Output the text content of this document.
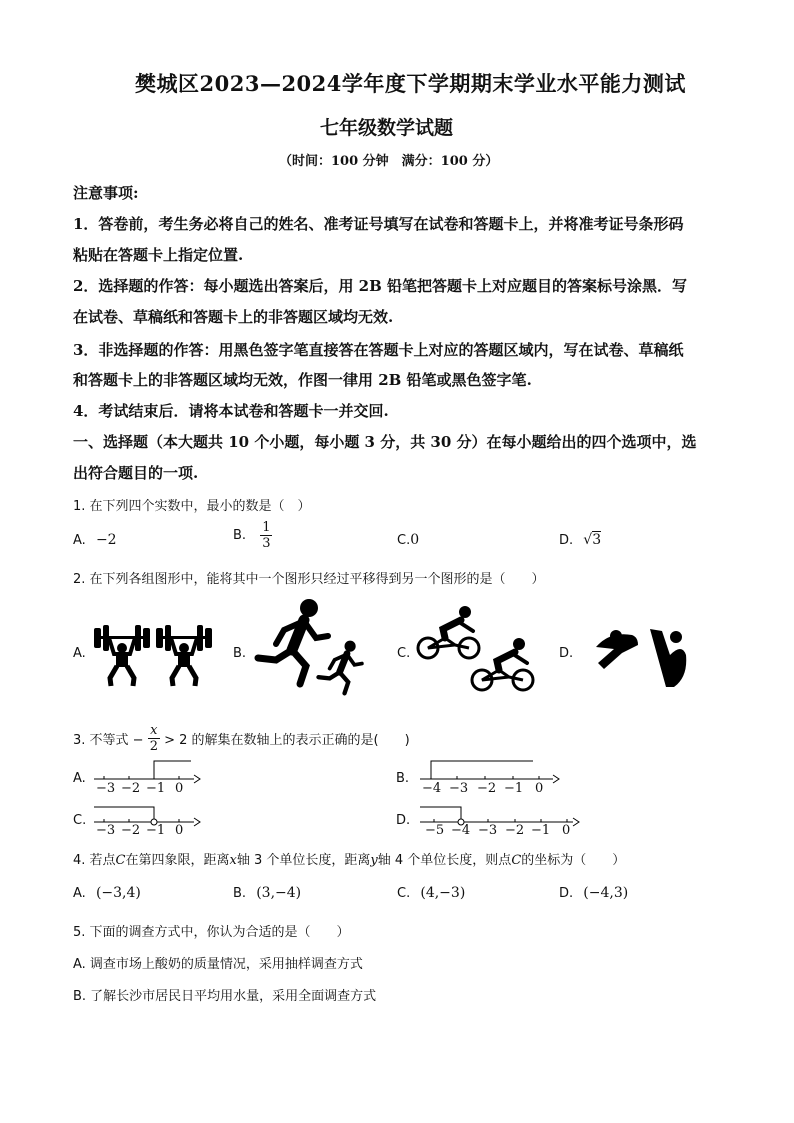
樊城区2023—2024学年度下学期期末学业水平能力测试
七年级数学试题
（时间：100 分钟　满分：100 分）
注意事项:
1．答卷前，考生务必将自己的姓名、准考证号填写在试卷和答题卡上，并将准考证号条形码
粘贴在答题卡上指定位置.
2．选择题的作答：每小题选出答案后，用 2B 铅笔把答题卡上对应题目的答案标号涂黑．写
在试卷、草稿纸和答题卡上的非答题区域均无效.
3．非选择题的作答：用黑色签字笔直接答在答题卡上对应的答题区域内，写在试卷、草稿纸
和答题卡上的非答题区域均无效，作图一律用 2B 铅笔或黑色签字笔.
4．考试结束后．请将本试卷和答题卡一并交回.
一、选择题（本大题共 10 个小题，每小题 3 分，共 30 分）在每小题给出的四个选项中，选
出符合题目的一项.
1. 在下列四个实数中，最小的数是（　）
A. −2	B. $\frac{1}{3}$	C.0	D. √3
2. 在下列各组图形中，能将其中一个图形只经过平移得到另一个图形的是（　　）
A.	B.	C.	D.
3. 不等式 − $\frac{x}{2} > 2$ 的解集在数轴上的表示正确的是(　　)
A.	B.
C.	D.
−3 −2 −1 0	−4 −3 −2 −1 0
−3 −2 −1 0	−5 −4 −3 −2 −1 0
4. 若点C在第四象限，距离x轴 3 个单位长度，距离y轴 4 个单位长度，则点C的坐标为（　　）
A. (−3,4)	B. (3,−4)	C. (4,−3)	D. (−4,3)
5. 下面的调查方式中，你认为合适的是（　　）
A. 调查市场上酸奶的质量情况，采用抽样调查方式
B. 了解长沙市居民日平均用水量，采用全面调查方式
